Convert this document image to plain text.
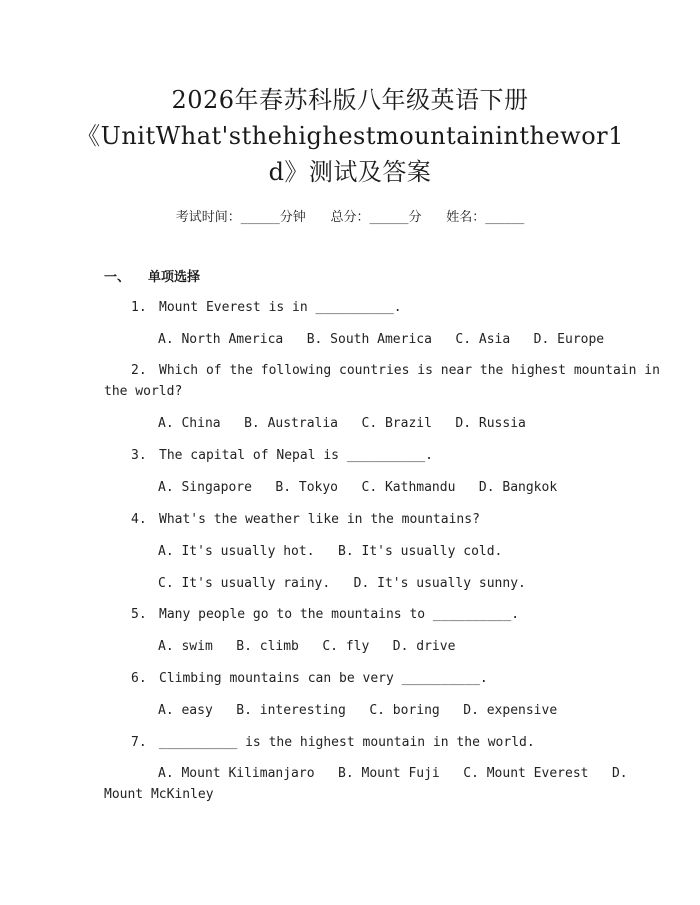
2026年春苏科版八年级英语下册
《UnitWhat'sthehighestmountaininthewor1
d》测试及答案
考试时间：______分钟      总分：______分      姓名：______
一、 单项选择
1. Mount Everest is in __________.
A. North America   B. South America   C. Asia   D. Europe
2. Which of the following countries is near the highest mountain in
the world?
A. China   B. Australia   C. Brazil   D. Russia
3. The capital of Nepal is __________.
A. Singapore   B. Tokyo   C. Kathmandu   D. Bangkok
4. What's the weather like in the mountains?
A. It's usually hot.   B. It's usually cold.
C. It's usually rainy.   D. It's usually sunny.
5. Many people go to the mountains to __________.
A. swim   B. climb   C. fly   D. drive
6. Climbing mountains can be very __________.
A. easy   B. interesting   C. boring   D. expensive
7. __________ is the highest mountain in the world.
A. Mount Kilimanjaro   B. Mount Fuji   C. Mount Everest   D.
Mount McKinley
